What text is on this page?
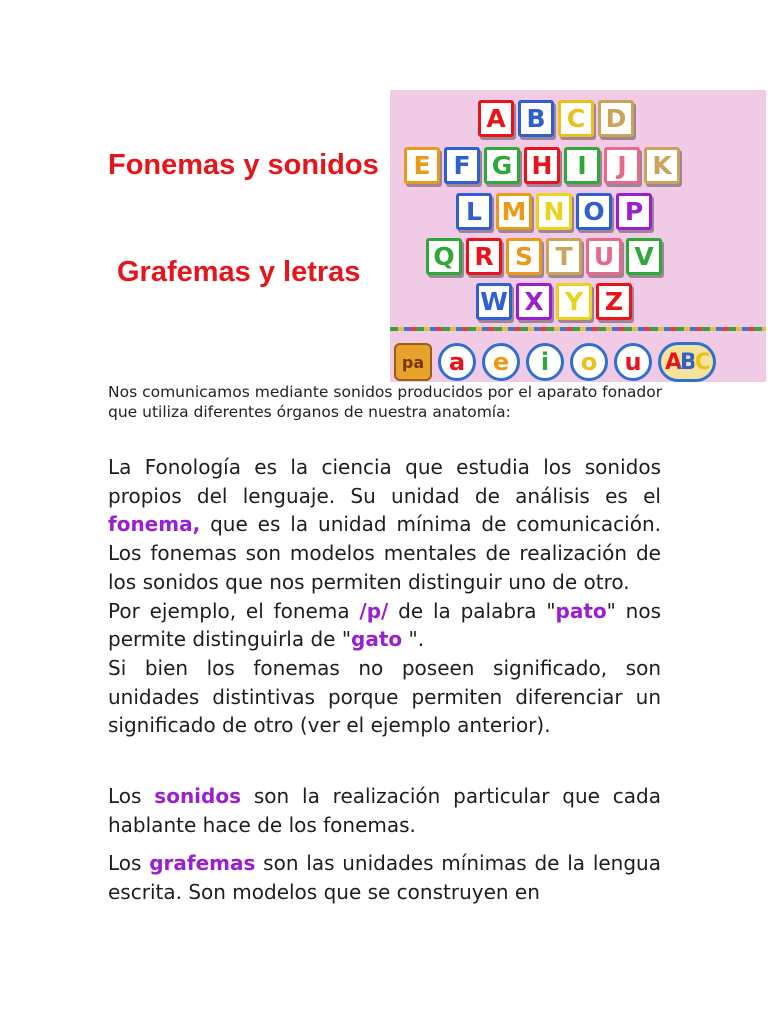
Fonemas y sonidos
Grafemas y letras
A B C D
E F G H I	J	K
L M N O P
Q R S T U V
W X Y Z
pa	a	e	i	o	u	ABC
Nos comunicamos mediante sonidos producidos por el aparato fonador que utiliza diferentes órganos de nuestra anatomía:

La Fonología es la ciencia que estudia los sonidos propios del lenguaje. Su unidad de análisis es el fonema, que es la unidad mínima de comunicación. Los fonemas son modelos mentales de realización de los sonidos que nos permiten distinguir uno de otro.

Por ejemplo, el fonema /p/ de la palabra "pato" nos permite distinguirla de "gato ".

Si bien los fonemas no poseen significado, son unidades distintivas porque permiten diferenciar un significado de otro (ver el ejemplo anterior).

Los sonidos son la realización particular que cada hablante hace de los fonemas.
Los grafemas son las unidades mínimas de la lengua escrita. Son modelos que se construyen en
